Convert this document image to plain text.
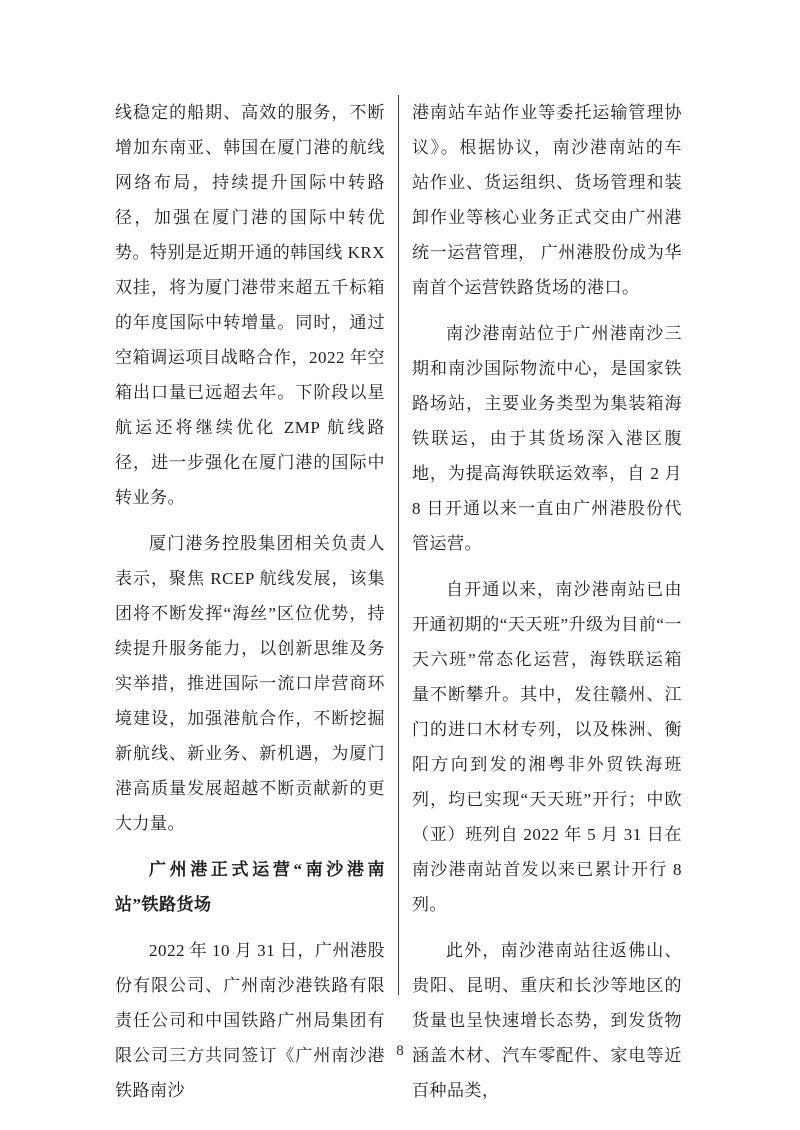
线稳定的船期、高效的服务，不断增加东南亚、韩国在厦门港的航线网络布局，持续提升国际中转路径，加强在厦门港的国际中转优势。特别是近期开通的韩国线 KRX 双挂，将为厦门港带来超五千标箱的年度国际中转增量。同时，通过空箱调运项目战略合作，2022 年空箱出口量已远超去年。下阶段以星航运还将继续优化 ZMP 航线路径，进一步强化在厦门港的国际中转业务。

厦门港务控股集团相关负责人表示，聚焦 RCEP 航线发展，该集团将不断发挥“海丝”区位优势，持续提升服务能力，以创新思维及务实举措，推进国际一流口岸营商环境建设，加强港航合作，不断挖掘新航线、新业务、新机遇，为厦门港高质量发展超越不断贡献新的更大力量。

广州港正式运营“南沙港南站”铁路货场

2022 年 10 月 31 日，广州港股份有限公司、广州南沙港铁路有限责任公司和中国铁路广州局集团有限公司三方共同签订《广州南沙港铁路南沙

港南站车站作业等委托运输管理协议》。根据协议，南沙港南站的车站作业、货运组织、货场管理和装卸作业等核心业务正式交由广州港统一运营管理， 广州港股份成为华南首个运营铁路货场的港口。

南沙港南站位于广州港南沙三期和南沙国际物流中心，是国家铁路场站，主要业务类型为集装箱海铁联运，由于其货场深入港区腹地，为提高海铁联运效率，自 2 月 8 日开通以来一直由广州港股份代管运营。

自开通以来，南沙港南站已由开通初期的“天天班”升级为目前“一天六班”常态化运营，海铁联运箱量不断攀升。其中，发往赣州、江门的进口木材专列，以及株洲、衡阳方向到发的湘粤非外贸铁海班列，均已实现“天天班”开行；中欧（亚）班列自 2022 年 5 月 31 日在南沙港南站首发以来已累计开行 8 列。

此外，南沙港南站往返佛山、贵阳、昆明、重庆和长沙等地区的货量也呈快速增长态势，到发货物涵盖木材、汽车零配件、家电等近百种品类，

8
